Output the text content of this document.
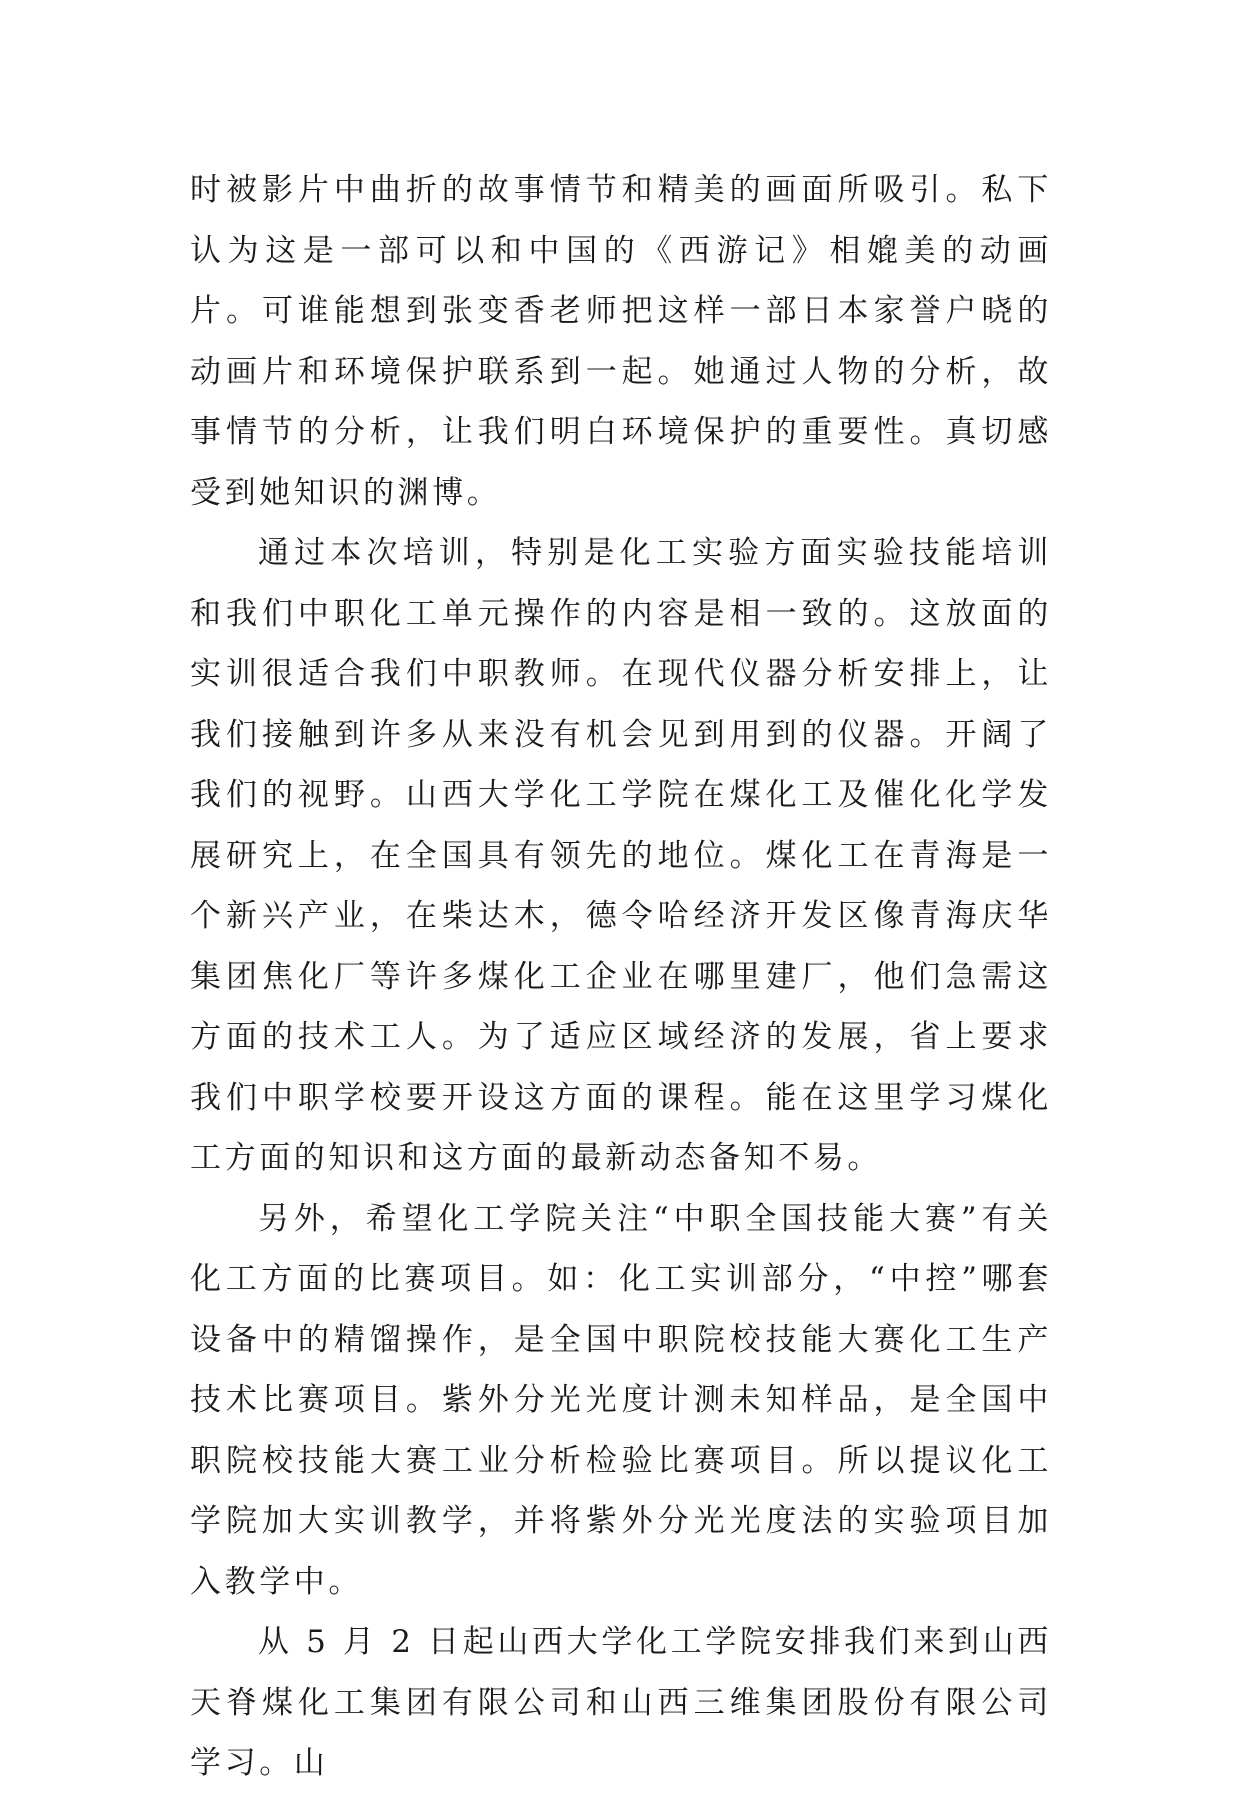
时被影片中曲折的故事情节和精美的画面所吸引。私下认为这是一部可以和中国的《西游记》相媲美的动画片。可谁能想到张变香老师把这样一部日本家誉户晓的动画片和环境保护联系到一起。她通过人物的分析，故事情节的分析，让我们明白环境保护的重要性。真切感受到她知识的渊博。

通过本次培训，特别是化工实验方面实验技能培训和我们中职化工单元操作的内容是相一致的。这放面的实训很适合我们中职教师。在现代仪器分析安排上，让我们接触到许多从来没有机会见到用到的仪器。开阔了我们的视野。山西大学化工学院在煤化工及催化化学发展研究上，在全国具有领先的地位。煤化工在青海是一个新兴产业，在柴达木，德令哈经济开发区像青海庆华集团焦化厂等许多煤化工企业在哪里建厂，他们急需这方面的技术工人。为了适应区域经济的发展，省上要求我们中职学校要开设这方面的课程。能在这里学习煤化工方面的知识和这方面的最新动态备知不易。

另外，希望化工学院关注“中职全国技能大赛”有关化工方面的比赛项目。如：化工实训部分，“中控”哪套设备中的精馏操作，是全国中职院校技能大赛化工生产技术比赛项目。紫外分光光度计测未知样品，是全国中职院校技能大赛工业分析检验比赛项目。所以提议化工学院加大实训教学，并将紫外分光光度法的实验项目加入教学中。

从 5 月 2 日起山西大学化工学院安排我们来到山西天脊煤化工集团有限公司和山西三维集团股份有限公司学习。山
